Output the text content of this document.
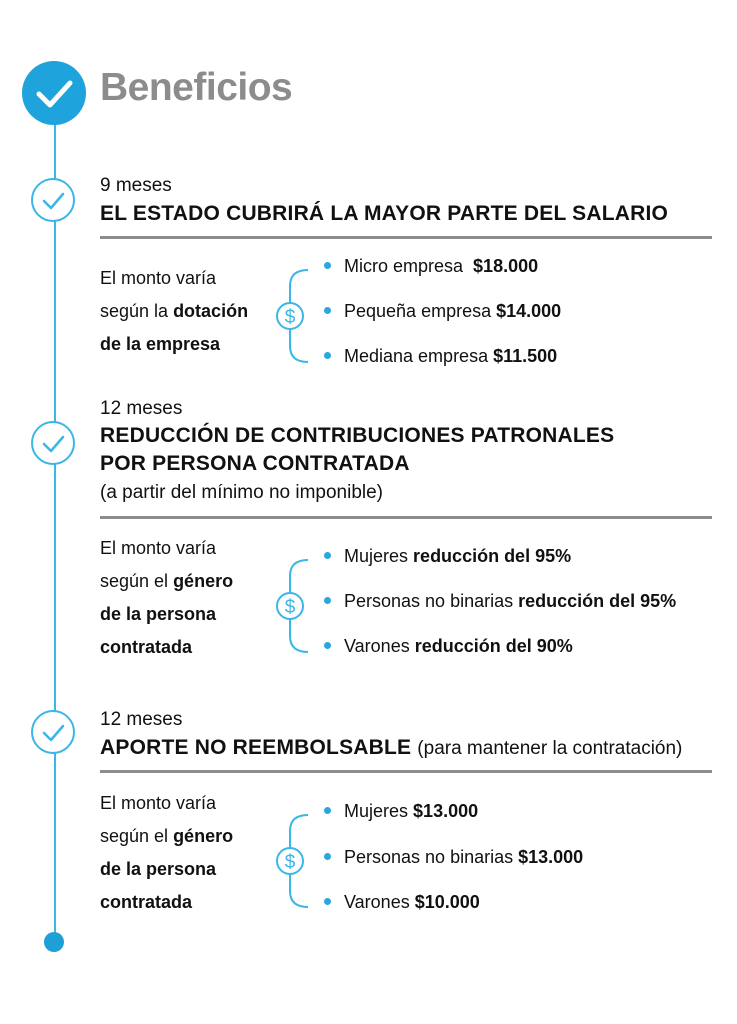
Beneficios
9 meses
EL ESTADO CUBRIRÁ LA MAYOR PARTE DEL SALARIO
El monto varía
según la dotación
de la empresa
$
Micro empresa $18.000
Pequeña empresa $14.000
Mediana empresa $11.500
12 meses
REDUCCIÓN DE CONTRIBUCIONES PATRONALES
POR PERSONA CONTRATADA
(a partir del mínimo no imponible)
El monto varía
según el género
de la persona
contratada
$
Mujeres reducción del 95%
Personas no binarias reducción del 95%
Varones reducción del 90%
12 meses
APORTE NO REEMBOLSABLE (para mantener la contratación)
El monto varía
según el género
de la persona
contratada
$
Mujeres $13.000
Personas no binarias $13.000
Varones $10.000
